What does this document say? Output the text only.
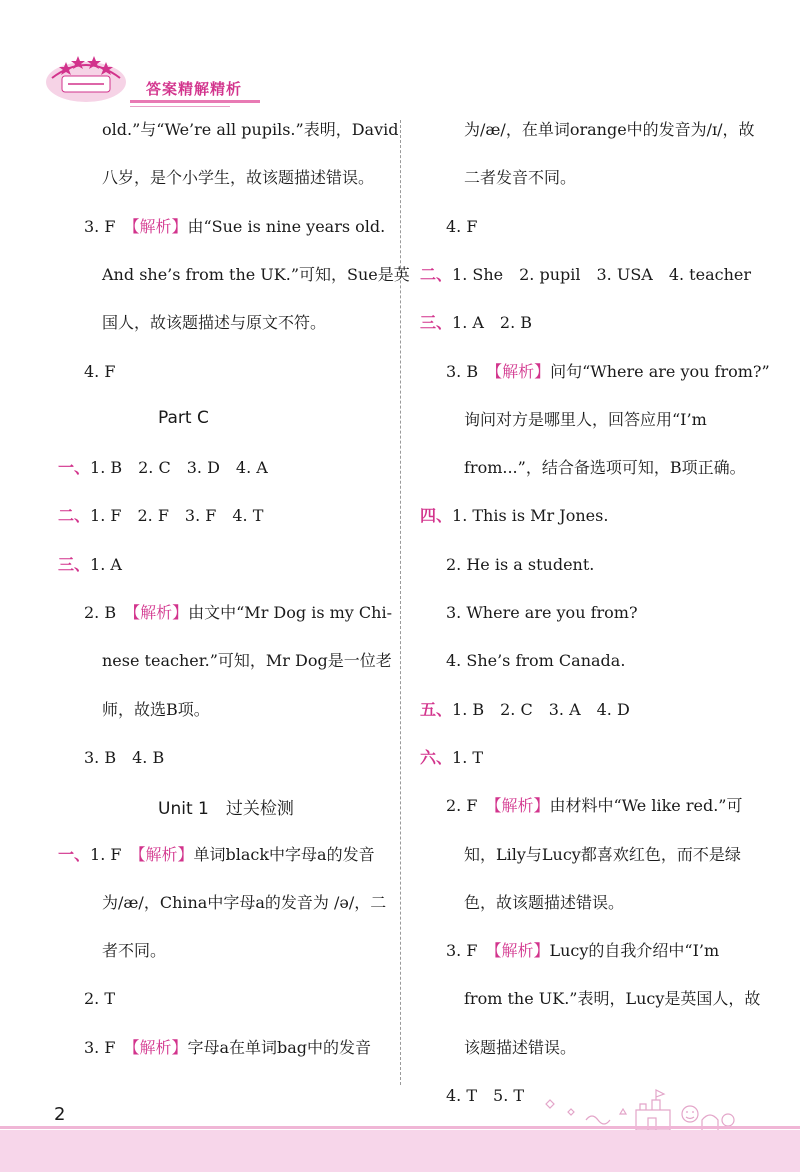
答案精解精析
old.”与“We’re all pupils.”表明，David
八岁，是个小学生，故该题描述错误。
3. F 【解析】由“Sue is nine years old.
And she’s from the UK.”可知，Sue是英
国人，故该题描述与原文不符。
4. F
Part C
一、1. B　2. C　3. D　4. A
二、1. F　2. F　3. F　4. T
三、1. A
2. B 【解析】由文中“Mr Dog is my Chi-
nese teacher.”可知，Mr Dog是一位老
师，故选B项。
3. B　4. B
Unit 1　过关检测
一、1. F 【解析】单词black中字母a的发音
为/æ/，China中字母a的发音为 /ə/，二
者不同。
2. T
3. F 【解析】字母a在单词bag中的发音
为/æ/，在单词orange中的发音为/ɪ/，故
二者发音不同。
4. F
二、1. She　2. pupil　3. USA　4. teacher
三、1. A　2. B
3. B 【解析】问句“Where are you from?”
询问对方是哪里人，回答应用“I’m
from...”，结合备选项可知，B项正确。
四、1. This is Mr Jones.
2. He is a student.
3. Where are you from?
4. She’s from Canada.
五、1. B　2. C　3. A　4. D
六、1. T
2. F 【解析】由材料中“We like red.”可
知，Lily与Lucy都喜欢红色，而不是绿
色，故该题描述错误。
3. F 【解析】Lucy的自我介绍中“I’m
from the UK.”表明，Lucy是英国人，故
该题描述错误。
4. T　5. T
2
